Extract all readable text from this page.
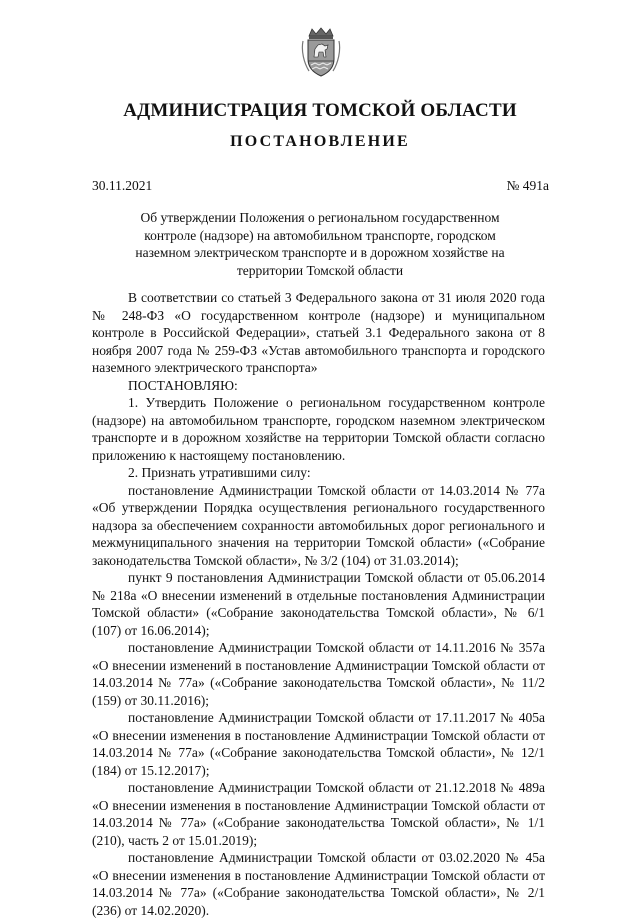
АДМИНИСТРАЦИЯ ТОМСКОЙ ОБЛАСТИ
ПОСТАНОВЛЕНИЕ
30.11.2021	№ 491а
Об утверждении Положения о региональном государственном контроле (надзоре) на автомобильном транспорте, городском наземном электрическом транспорте и в дорожном хозяйстве на территории Томской области

В соответствии со статьей 3 Федерального закона от 31 июля 2020 года № 248-ФЗ «О государственном контроле (надзоре) и муниципальном контроле в Российской Федерации», статьей 3.1 Федерального закона от 8 ноября 2007 года № 259-ФЗ «Устав автомобильного транспорта и городского наземного электрического транспорта»

ПОСТАНОВЛЯЮ:

1. Утвердить Положение о региональном государственном контроле (надзоре) на автомобильном транспорте, городском наземном электрическом транспорте и в дорожном хозяйстве на территории Томской области согласно приложению к настоящему постановлению.

2. Признать утратившими силу:

постановление Администрации Томской области от 14.03.2014 № 77а «Об утверждении Порядка осуществления регионального государственного надзора за обеспечением сохранности автомобильных дорог регионального и межмуниципального значения на территории Томской области» («Собрание законодательства Томской области», № 3/2 (104) от 31.03.2014);

пункт 9 постановления Администрации Томской области от 05.06.2014 № 218а «О внесении изменений в отдельные постановления Администрации Томской области» («Собрание законодательства Томской области», № 6/1 (107) от 16.06.2014);

постановление Администрации Томской области от 14.11.2016 № 357а «О внесении изменений в постановление Администрации Томской области от 14.03.2014 № 77а» («Собрание законодательства Томской области», № 11/2 (159) от 30.11.2016);

постановление Администрации Томской области от 17.11.2017 № 405а «О внесении изменения в постановление Администрации Томской области от 14.03.2014 № 77а» («Собрание законодательства Томской области», № 12/1 (184) от 15.12.2017);

постановление Администрации Томской области от 21.12.2018 № 489а «О внесении изменения в постановление Администрации Томской области от 14.03.2014 № 77а» («Собрание законодательства Томской области», № 1/1 (210), часть 2 от 15.01.2019);

постановление Администрации Томской области от 03.02.2020 № 45а «О внесении изменения в постановление Администрации Томской области от 14.03.2014 № 77а» («Собрание законодательства Томской области», № 2/1 (236) от 14.02.2020).
